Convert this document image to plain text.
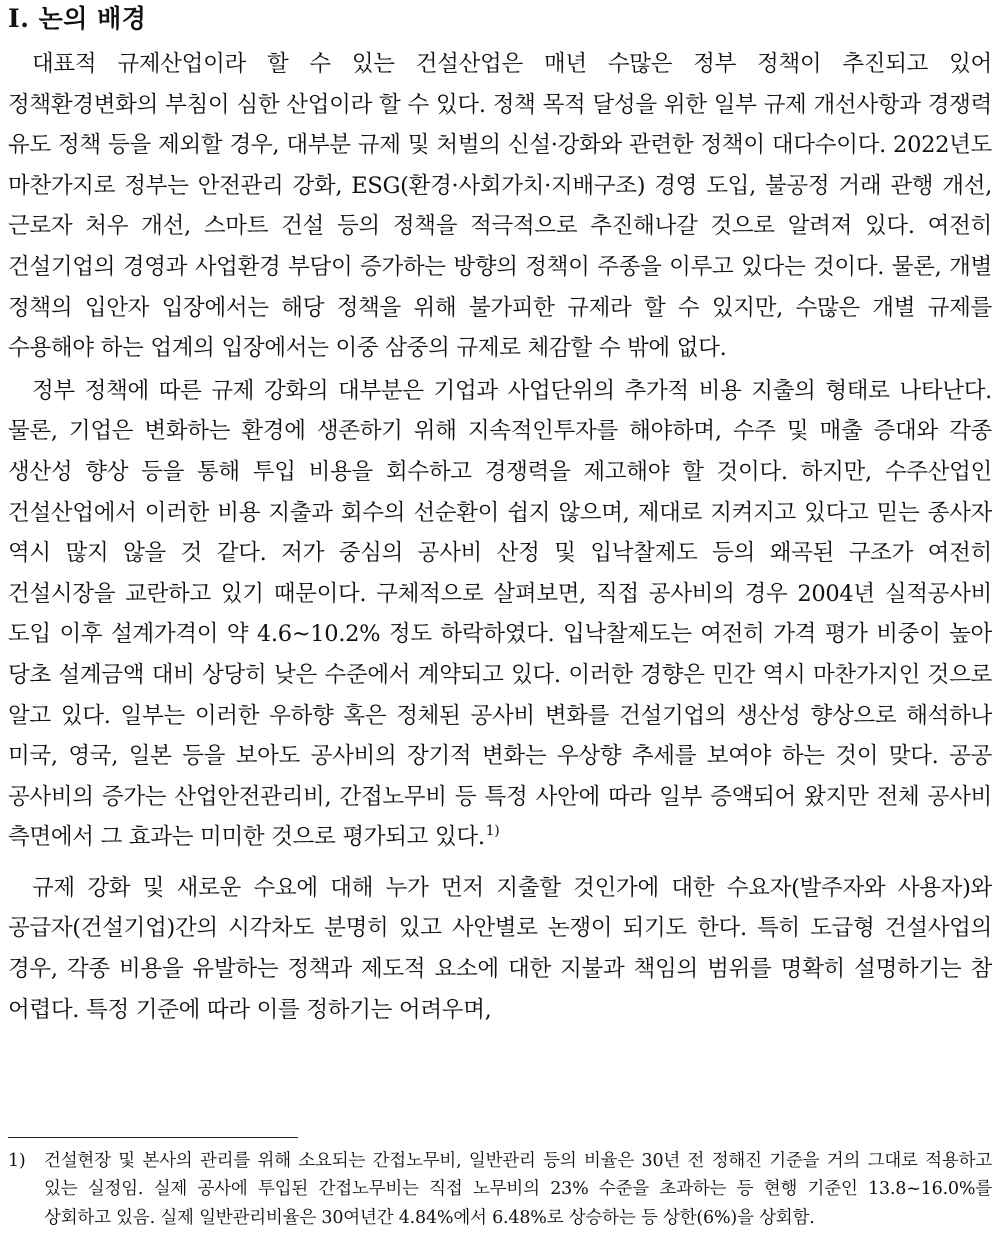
I. 논의 배경

대표적 규제산업이라 할 수 있는 건설산업은 매년 수많은 정부 정책이 추진되고 있어 정책환경변화의 부침이 심한 산업이라 할 수 있다. 정책 목적 달성을 위한 일부 규제 개선사항과 경쟁력 유도 정책 등을 제외할 경우, 대부분 규제 및 처벌의 신설·강화와 관련한 정책이 대다수이다. 2022년도 마찬가지로 정부는 안전관리 강화, ESG(환경·사회가치·지배구조) 경영 도입, 불공정 거래 관행 개선, 근로자 처우 개선, 스마트 건설 등의 정책을 적극적으로 추진해나갈 것으로 알려져 있다. 여전히 건설기업의 경영과 사업환경 부담이 증가하는 방향의 정책이 주종을 이루고 있다는 것이다. 물론, 개별 정책의 입안자 입장에서는 해당 정책을 위해 불가피한 규제라 할 수 있지만, 수많은 개별 규제를 수용해야 하는 업계의 입장에서는 이중 삼중의 규제로 체감할 수 밖에 없다.

정부 정책에 따른 규제 강화의 대부분은 기업과 사업단위의 추가적 비용 지출의 형태로 나타난다. 물론, 기업은 변화하는 환경에 생존하기 위해 지속적인투자를 해야하며, 수주 및 매출 증대와 각종 생산성 향상 등을 통해 투입 비용을 회수하고 경쟁력을 제고해야 할 것이다. 하지만, 수주산업인 건설산업에서 이러한 비용 지출과 회수의 선순환이 쉽지 않으며, 제대로 지켜지고 있다고 믿는 종사자 역시 많지 않을 것 같다. 저가 중심의 공사비 산정 및 입낙찰제도 등의 왜곡된 구조가 여전히 건설시장을 교란하고 있기 때문이다. 구체적으로 살펴보면, 직접 공사비의 경우 2004년 실적공사비 도입 이후 설계가격이 약 4.6~10.2% 정도 하락하였다. 입낙찰제도는 여전히 가격 평가 비중이 높아 당초 설계금액 대비 상당히 낮은 수준에서 계약되고 있다. 이러한 경향은 민간 역시 마찬가지인 것으로 알고 있다. 일부는 이러한 우하향 혹은 정체된 공사비 변화를 건설기업의 생산성 향상으로 해석하나 미국, 영국, 일본 등을 보아도 공사비의 장기적 변화는 우상향 추세를 보여야 하는 것이 맞다. 공공 공사비의 증가는 산업안전관리비, 간접노무비 등 특정 사안에 따라 일부 증액되어 왔지만 전체 공사비 측면에서 그 효과는 미미한 것으로 평가되고 있다.$^{1)}$

규제 강화 및 새로운 수요에 대해 누가 먼저 지출할 것인가에 대한 수요자(발주자와 사용자)와 공급자(건설기업)간의 시각차도 분명히 있고 사안별로 논쟁이 되기도 한다. 특히 도급형 건설사업의 경우, 각종 비용을 유발하는 정책과 제도적 요소에 대한 지불과 책임의 범위를 명확히 설명하기는 참 어렵다. 특정 기준에 따라 이를 정하기는 어려우며,

1)	건설현장 및 본사의 관리를 위해 소요되는 간접노무비, 일반관리 등의 비율은 30년 전 정해진 기준을 거의 그대로 적용하고 있는 실정임. 실제 공사에 투입된 간접노무비는 직접 노무비의 23% 수준을 초과하는 등 현행 기준인 13.8~16.0%를 상회하고 있음. 실제 일반관리비율은 30여년간 4.84%에서 6.48%로 상승하는 등 상한(6%)을 상회함.
